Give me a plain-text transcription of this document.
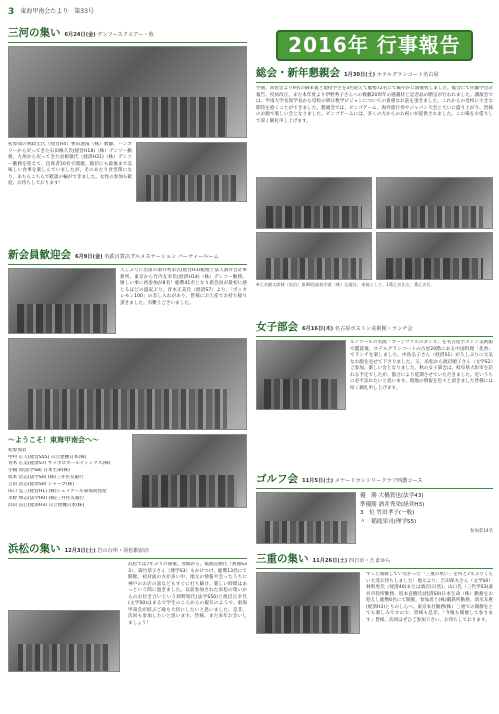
3 東海甲南会たより 第33号
三河の集い 6月24日(金) デンソースクエアー・煎
初参加の林政宏氏（経営H4）曹田週南（株）数藤、ハンガリーから戻ってきた石田嶋久氏(経営H18)（株）デンソー勤務、九州から戻ってきた岩根敏氏（経済H21)（株）デンソー勤務を迎えて、出席者10名で開催。親切にも最後まで美味しい食事を楽しんでいましたが、そのあたり食堂閉になり、あちらこちらで歓談の輪ができました。女性の参加も歓迎、お待ちしております！
新会員歓迎会 6月9日(金) 名鉄百貨店グルメステーション パーティールーム
久しぶりに出席の酒井秀栄氏(経営H3)税理士法人酒井会計事務所、東京から竹内友幸氏(経済H14)（株）デンソー勤務、嬉しい事に初参加が8名！総勢41名となり新会員が最初に感じるほどの盛況ぶり。青木正美氏（経済S7）より、「ボッカレモン100」の差し入れがあり、皆様にお土産でお持ち帰り頂きました。有難うございました。
～ようこそ！東海甲南会へ～
初参加者
中村 正人(経営S55) 日立建機日本(株)
青木 正美(経済S7) サッポロホールディングス(株)
小橋 真(法学S8) 日本生命(株)
坂本 浩志(法学S0) (株)三井住友銀行
吉田 浩志(経済S0) シャープ(株)
田口 弘三(経営H1) (株)ジェイアール東海高島屋
水野 博志(法学H0) (株)三井住友銀行
浜田 直巳(経済H3) 日立建機日本(株)
浜松の集い 12月3日(土) 岩の台所・浜松駅前店
浜松では7年ぶりの開催。豊橋から、亀頭直樹氏（教養S33）、森竹恭子さん（理学S3）もかけつけ、総勢13名にて開催。初対面の方が多い中、地元の情報や会ったうちに神戸のお店の話などもすぐに打ち解け、楽しい時間はあっという間に過ぎました。以前参加された浜松の集いからのお付き合いという岡野瑞氏(法学S50)と渡辺正幸氏(文学S0)はまるで学生のころからの親友のようで、東海甲南会が結ぶご縁も大切にしたいと思いました。是非、次回も参加したいと思います。皆様、また来年お会いしましょう！
2016年 行事報告
総会・新年懇親会 1月30日(土) ホテルグランコート名古屋
学園、同窓会より9名の御来賓と現役学生を3名迎えて総勢72名にて賑やかに開催致しました。総会にて佐藤学会計報告、役員改正、また本年度より伊野秀子さんへの数頼20周年の感謝状と記念品の贈呈が行われました。講演会では、甲南大学長坂学長から母校の明日数学ビジョンについての貴重なお話を頂きました。これからの母校に大きな期待を抱くことができました。懇親会では、ビンゴゲーム、海外旅行券やジャパン大会と大いに盛り上がり、皆様のお顔で楽しい会となりました。ビンゴゲームには、多くの方からのお祝いが提供されました。この場をお借りして厚く御礼申し上げます。
※乙名健太郎様（宿泊）第46回高校卒業（株）弘電社、来賓として、1番乙名氏左、番乙名氏
女子部会 6月16日(木) 名古屋ボストン美術館・ランチ会
ルノワールの名画「ブージヴァルのダンス」を名古屋ボストン美術館で鑑賞後、ホテルグランコートの古屋20階にある中国料理「花香」でランチを楽しました。中島弘子さん（経済S1）が久しぶりに元気なお顔を見せて下さりました。又、浜松から渡辺順子さん（文学S2）ご参加。楽しい会となりました。秋の女子部会は、岐阜県大垣市を訪れる予定でしたが、都合により延期させていただきました。近いうちに必ず訪れたいと思います。現地の情報を色々と頂きました皆様には厚く御礼申し上げます。
ゴルフ会 11月5日(土) メナードカントリークラブ西濃コース
優　勝 大橋賀也(法学43)
準優勝 酒井秀栄(経営H3)
3　位 竹田孝子(一般)
〃　稲滝栄司(理学S5)
参加者14名
三重の集い 11月26日(土) 四日市・たまゆら
ずっと開催していなかった「三重の集い」を何と7年ぶりくらい大変お待ちしました！地元より、吉田保夫さん（文学S0）林和男氏（経済40)または酒店(日営)、山口氏（三代学S3)桑名市役所勤務、坂本直樹氏(経済S0)日本生命（株）勤務をお迎えし総勢6名にて開催。参加者と(株)鍛鉄所勤務、清水友惠(経済H3)とりのしらべ。東京本社勤務(株）三重での開催をとても楽しみですので、皆様も是非、「今後も開催して参ります」皆様、次回はぜひご参加下さい。お待ちしております。
